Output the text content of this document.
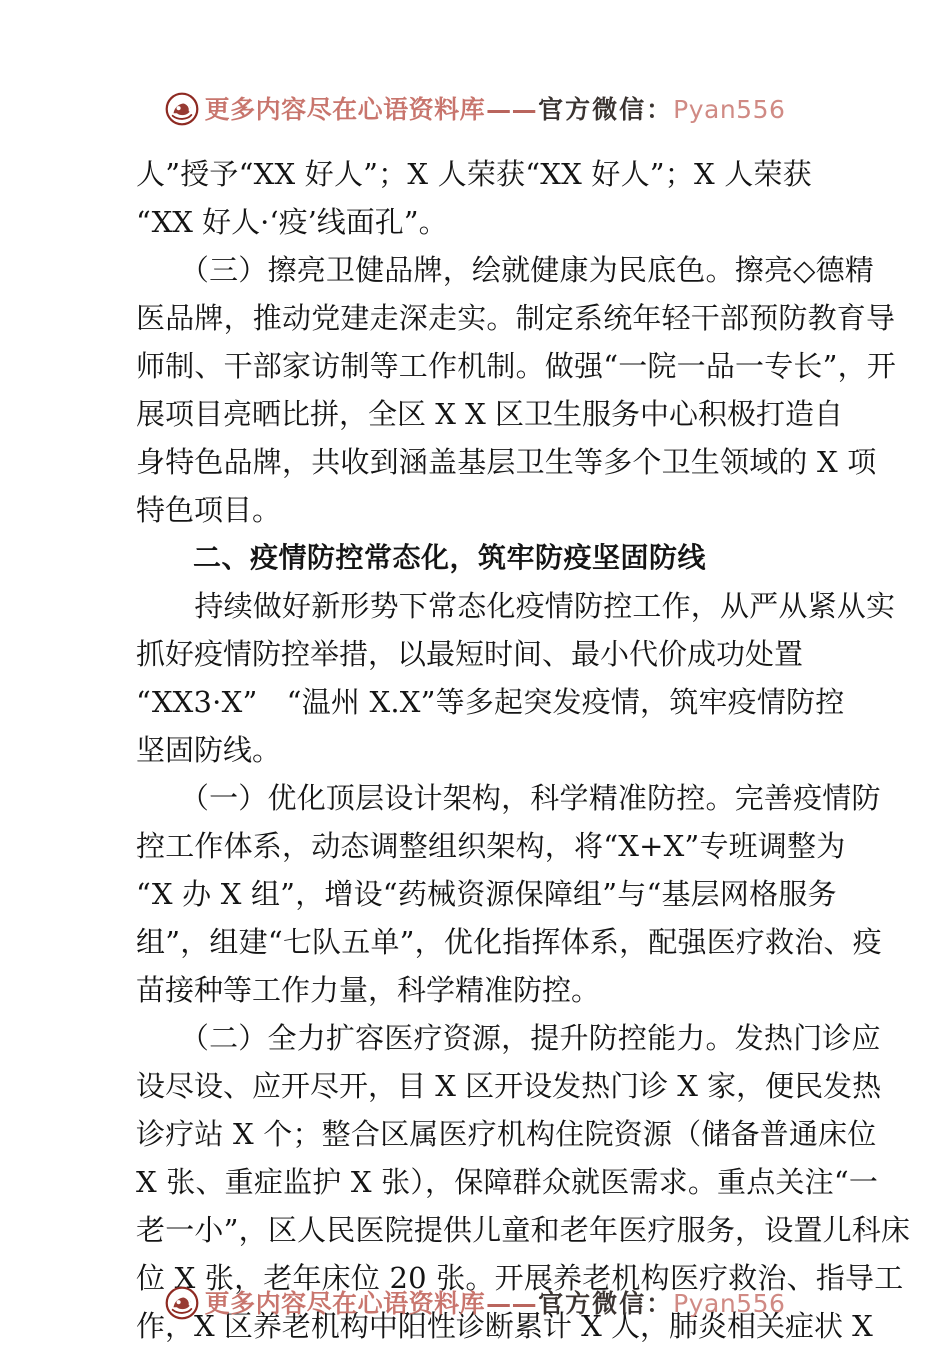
更多内容尽在心语资料库——官方微信：Pyan556
人”授予“XX 好人”；X 人荣获“XX 好人”；X 人荣获
“XX 好人·‘疫’线面孔”。
　　（三）擦亮卫健品牌，绘就健康为民底色。擦亮◇德精
医品牌，推动党建走深走实。制定系统年轻干部预防教育导
师制、干部家访制等工作机制。做强“一院一品一专长”，开
展项目亮晒比拼，全区 X X 区卫生服务中心积极打造自
身特色品牌，共收到涵盖基层卫生等多个卫生领域的 X 项
特色项目。
　　二、疫情防控常态化，筑牢防疫坚固防线
　　持续做好新形势下常态化疫情防控工作，从严从紧从实
抓好疫情防控举措，以最短时间、最小代价成功处置
“XX3·X”　“温州 X.X”等多起突发疫情，筑牢疫情防控
坚固防线。
　　（一）优化顶层设计架构，科学精准防控。完善疫情防
控工作体系，动态调整组织架构，将“X+X”专班调整为
“X 办 X 组”，增设“药械资源保障组”与“基层网格服务
组”，组建“七队五单”，优化指挥体系，配强医疗救治、疫
苗接种等工作力量，科学精准防控。
　　（二）全力扩容医疗资源，提升防控能力。发热门诊应
设尽设、应开尽开，目 X 区开设发热门诊 X 家，便民发热
诊疗站 X 个；整合区属医疗机构住院资源（储备普通床位
X 张、重症监护 X 张），保障群众就医需求。重点关注“一
老一小”，区人民医院提供儿童和老年医疗服务，设置儿科床
位 X 张，老年床位 20 张。开展养老机构医疗救治、指导工
作，X 区养老机构中阳性诊断累计 X 人，肺炎相关症状 X
更多内容尽在心语资料库——官方微信：Pyan556
